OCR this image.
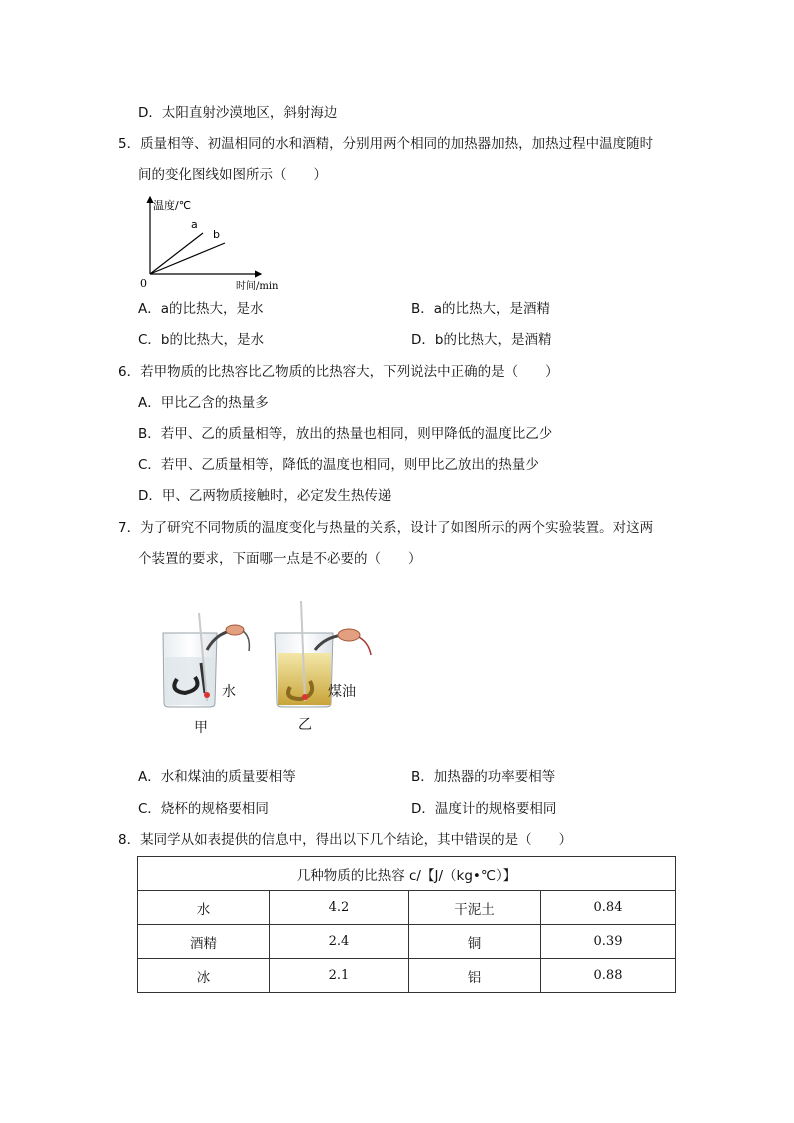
D．太阳直射沙漠地区，斜射海边
5．质量相等、初温相同的水和酒精，分别用两个相同的加热器加热，加热过程中温度随时
间的变化图线如图所示（　　）
温度/℃
时间/min
0
a
b
A．a的比热大，是水	B．a的比热大，是酒精
C．b的比热大，是水	D．b的比热大，是酒精
6．若甲物质的比热容比乙物质的比热容大，下列说法中正确的是（　　）
A．甲比乙含的热量多
B．若甲、乙的质量相等，放出的热量也相同，则甲降低的温度比乙少
C．若甲、乙质量相等，降低的温度也相同，则甲比乙放出的热量少
D．甲、乙两物质接触时，必定发生热传递
7．为了研究不同物质的温度变化与热量的关系，设计了如图所示的两个实验装置。对这两
个装置的要求，下面哪一点是不必要的（　　）
水	煤油
甲	乙
A．水和煤油的质量要相等	B．加热器的功率要相等
C．烧杯的规格要相同	D．温度计的规格要相同
8．某同学从如表提供的信息中，得出以下几个结论，其中错误的是（　　）
几种物质的比热容 c/【J/（kg•℃）】			
水	4.2	干泥土	0.84
酒精	2.4	铜	0.39
冰	2.1	铝	0.88
